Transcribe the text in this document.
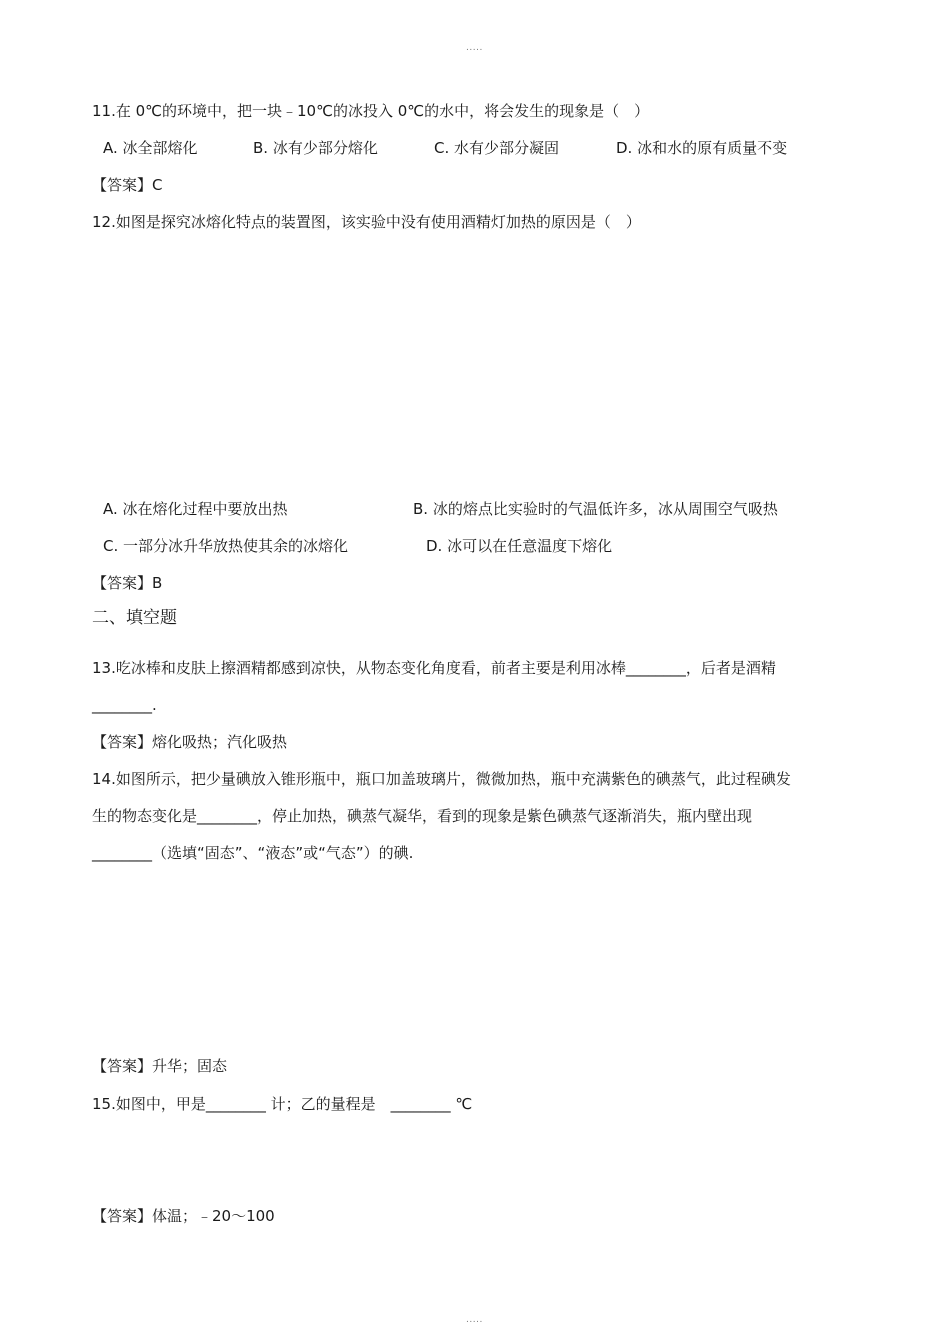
.....
11.在 0℃的环境中，把一块﹣10℃的冰投入 0℃的水中，将会发生的现象是（　）
A. 冰全部熔化	B. 冰有少部分熔化	C. 水有少部分凝固	D. 冰和水的原有质量不变
【答案】C
12.如图是探究冰熔化特点的装置图，该实验中没有使用酒精灯加热的原因是（　）
A. 冰在熔化过程中要放出热	B. 冰的熔点比实验时的气温低许多，冰从周围空气吸热
C. 一部分冰升华放热使其余的冰熔化	D. 冰可以在任意温度下熔化
【答案】B
二、填空题
13.吃冰棒和皮肤上擦酒精都感到凉快，从物态变化角度看，前者主要是利用冰棒________，后者是酒精
________.
【答案】熔化吸热；汽化吸热
14.如图所示，把少量碘放入锥形瓶中，瓶口加盖玻璃片，微微加热，瓶中充满紫色的碘蒸气，此过程碘发
生的物态变化是________，停止加热，碘蒸气凝华，看到的现象是紫色碘蒸气逐渐消失，瓶内壁出现
________（选填“固态”、“液态”或“气态”）的碘.
【答案】升华；固态
15.如图中，甲是________ 计；乙的量程是　________ ℃
【答案】体温；﹣20～100
.....
